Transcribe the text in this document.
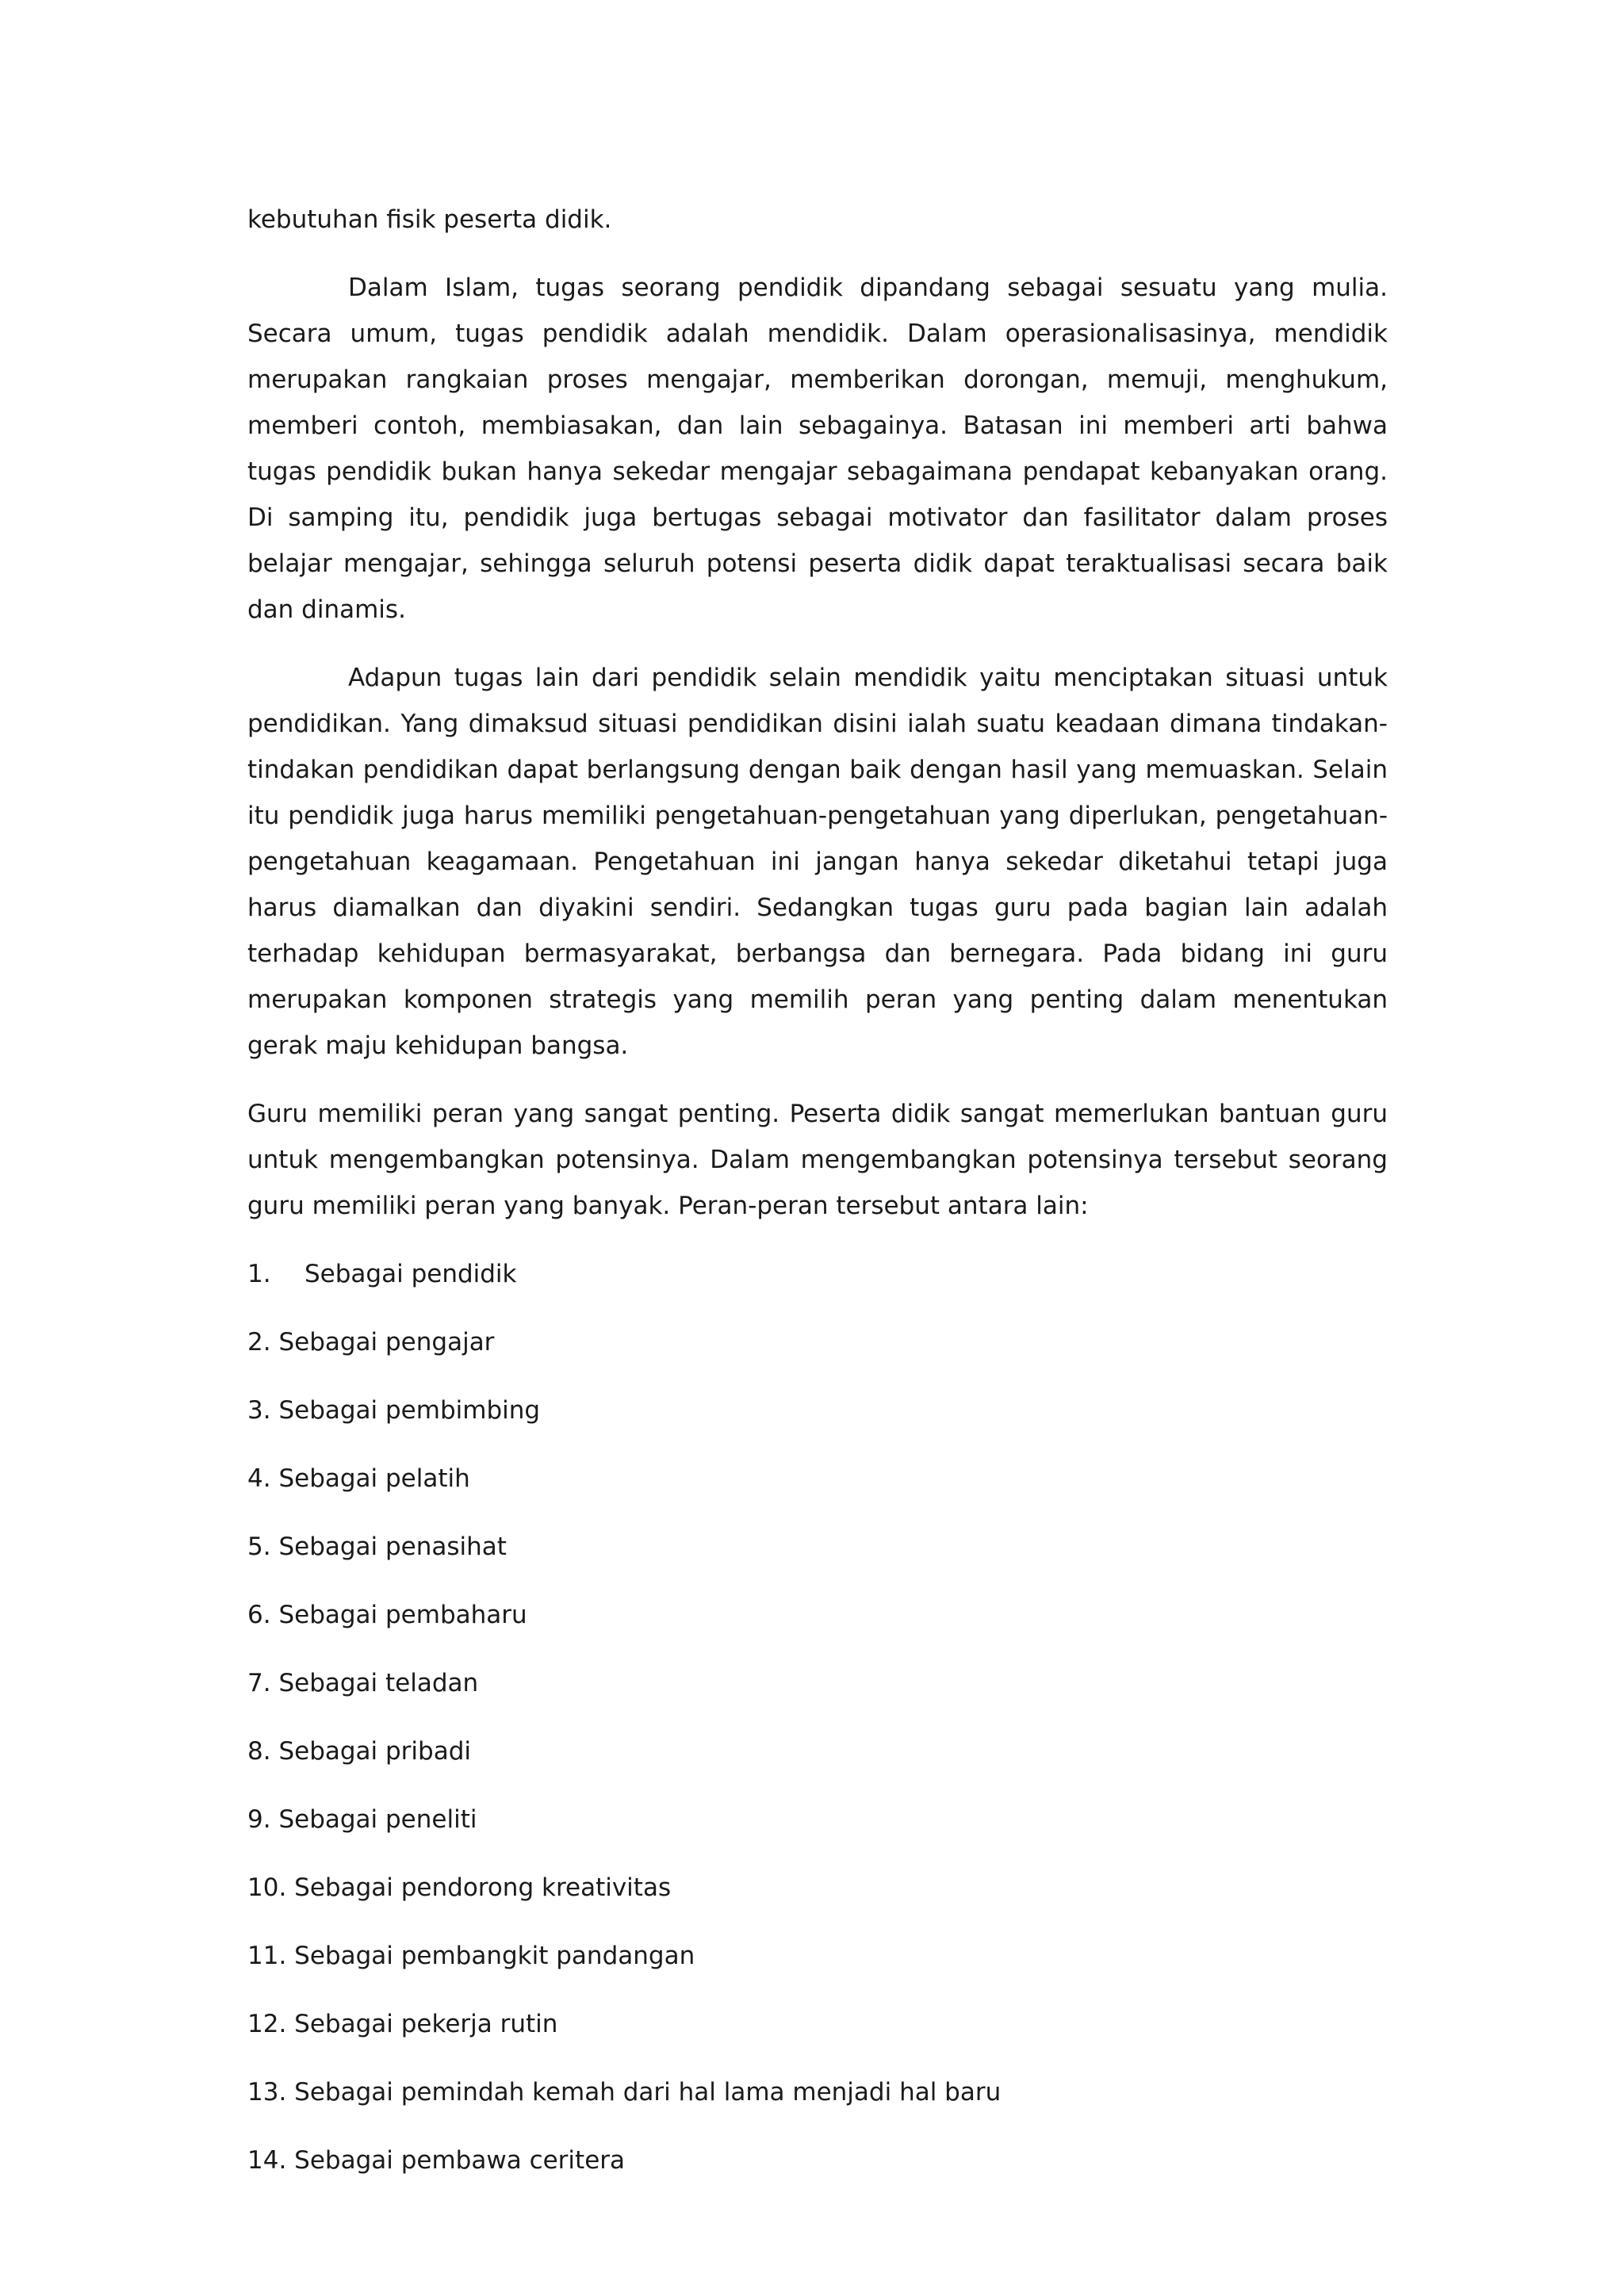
kebutuhan fisik peserta didik.

Dalam Islam, tugas seorang pendidik dipandang sebagai sesuatu yang mulia. Secara umum, tugas pendidik adalah mendidik. Dalam operasionalisasinya, mendidik merupakan rangkaian proses mengajar, memberikan dorongan, memuji, menghukum, memberi contoh, membiasakan, dan lain sebagainya. Batasan ini memberi arti bahwa tugas pendidik bukan hanya sekedar mengajar sebagaimana pendapat kebanyakan orang. Di samping itu, pendidik juga bertugas sebagai motivator dan fasilitator dalam proses belajar mengajar, sehingga seluruh potensi peserta didik dapat teraktualisasi secara baik dan dinamis.

Adapun tugas lain dari pendidik selain mendidik yaitu menciptakan situasi untuk pendidikan. Yang dimaksud situasi pendidikan disini ialah suatu keadaan dimana tindakan-tindakan pendidikan dapat berlangsung dengan baik dengan hasil yang memuaskan. Selain itu pendidik juga harus memiliki pengetahuan-pengetahuan yang diperlukan, pengetahuan-pengetahuan keagamaan. Pengetahuan ini jangan hanya sekedar diketahui tetapi juga harus diamalkan dan diyakini sendiri. Sedangkan tugas guru pada bagian lain adalah terhadap kehidupan bermasyarakat, berbangsa dan bernegara. Pada bidang ini guru merupakan komponen strategis yang memilih peran yang penting dalam menentukan gerak maju kehidupan bangsa.

Guru memiliki peran yang sangat penting. Peserta didik sangat memerlukan bantuan guru untuk mengembangkan potensinya. Dalam mengembangkan potensinya tersebut seorang guru memiliki peran yang banyak. Peran-peran tersebut antara lain:

1. Sebagai pendidik

2. Sebagai pengajar

3. Sebagai pembimbing

4. Sebagai pelatih

5. Sebagai penasihat

6. Sebagai pembaharu

7. Sebagai teladan

8. Sebagai pribadi

9. Sebagai peneliti

10. Sebagai pendorong kreativitas

11. Sebagai pembangkit pandangan

12. Sebagai pekerja rutin

13. Sebagai pemindah kemah dari hal lama menjadi hal baru

14. Sebagai pembawa ceritera
